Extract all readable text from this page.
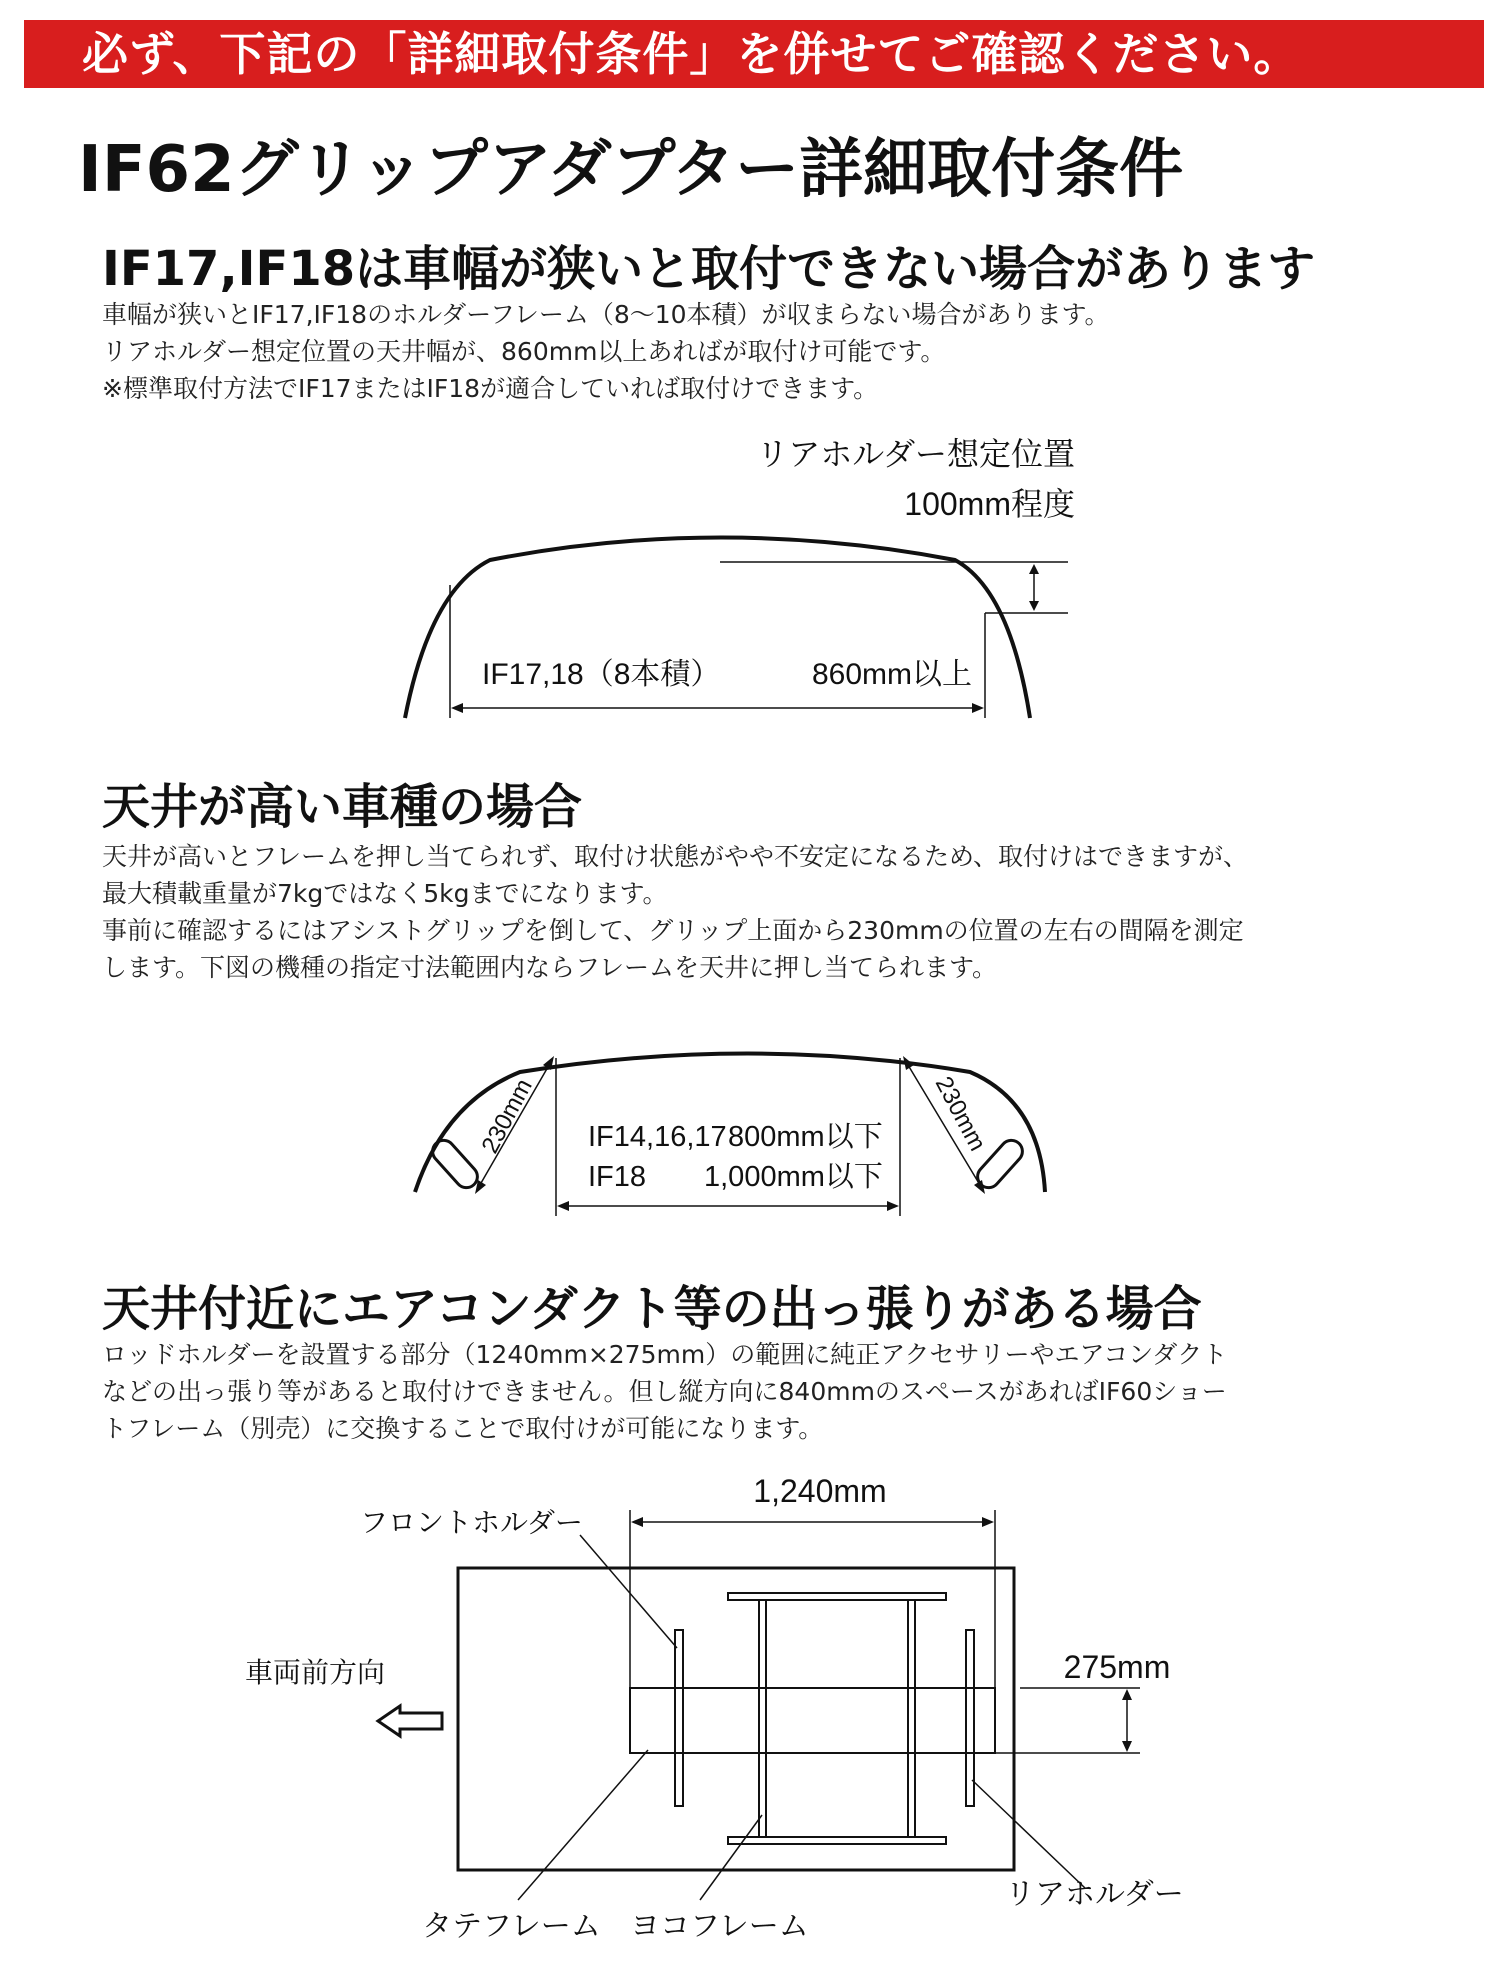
必ず、下記の「詳細取付条件」を併せてご確認ください。
IF62グリップアダプター詳細取付条件
IF17,IF18は車幅が狭いと取付できない場合があります

車幅が狭いとIF17,IF18のホルダーフレーム（8〜10本積）が収まらない場合があります。

リアホルダー想定位置の天井幅が、860mm以上あればが取付け可能です。

※標準取付方法でIF17またはIF18が適合していれば取付けできます。

リアホルダー想定位置
100mm程度
IF17,18（8本積）	860mm以上
天井が高い車種の場合

天井が高いとフレームを押し当てられず、取付け状態がやや不安定になるため、取付けはできますが、

最大積載重量が7kgではなく5kgまでになります。

事前に確認するにはアシストグリップを倒して、グリップ上面から230mmの位置の左右の間隔を測定

します。下図の機種の指定寸法範囲内ならフレームを天井に押し当てられます。

230mm	230mm
IF14,16,17 800mm以下
IF18 1,000mm以下
天井付近にエアコンダクト等の出っ張りがある場合

ロッドホルダーを設置する部分（1240mm×275mm）の範囲に純正アクセサリーやエアコンダクト

などの出っ張り等があると取付けできません。但し縦方向に840mmのスペースがあればIF60ショー

トフレーム（別売）に交換することで取付けが可能になります。

1,240mm
275mm
フロントホルダー
車両前方向
タテフレーム ヨコフレーム
リアホルダー
